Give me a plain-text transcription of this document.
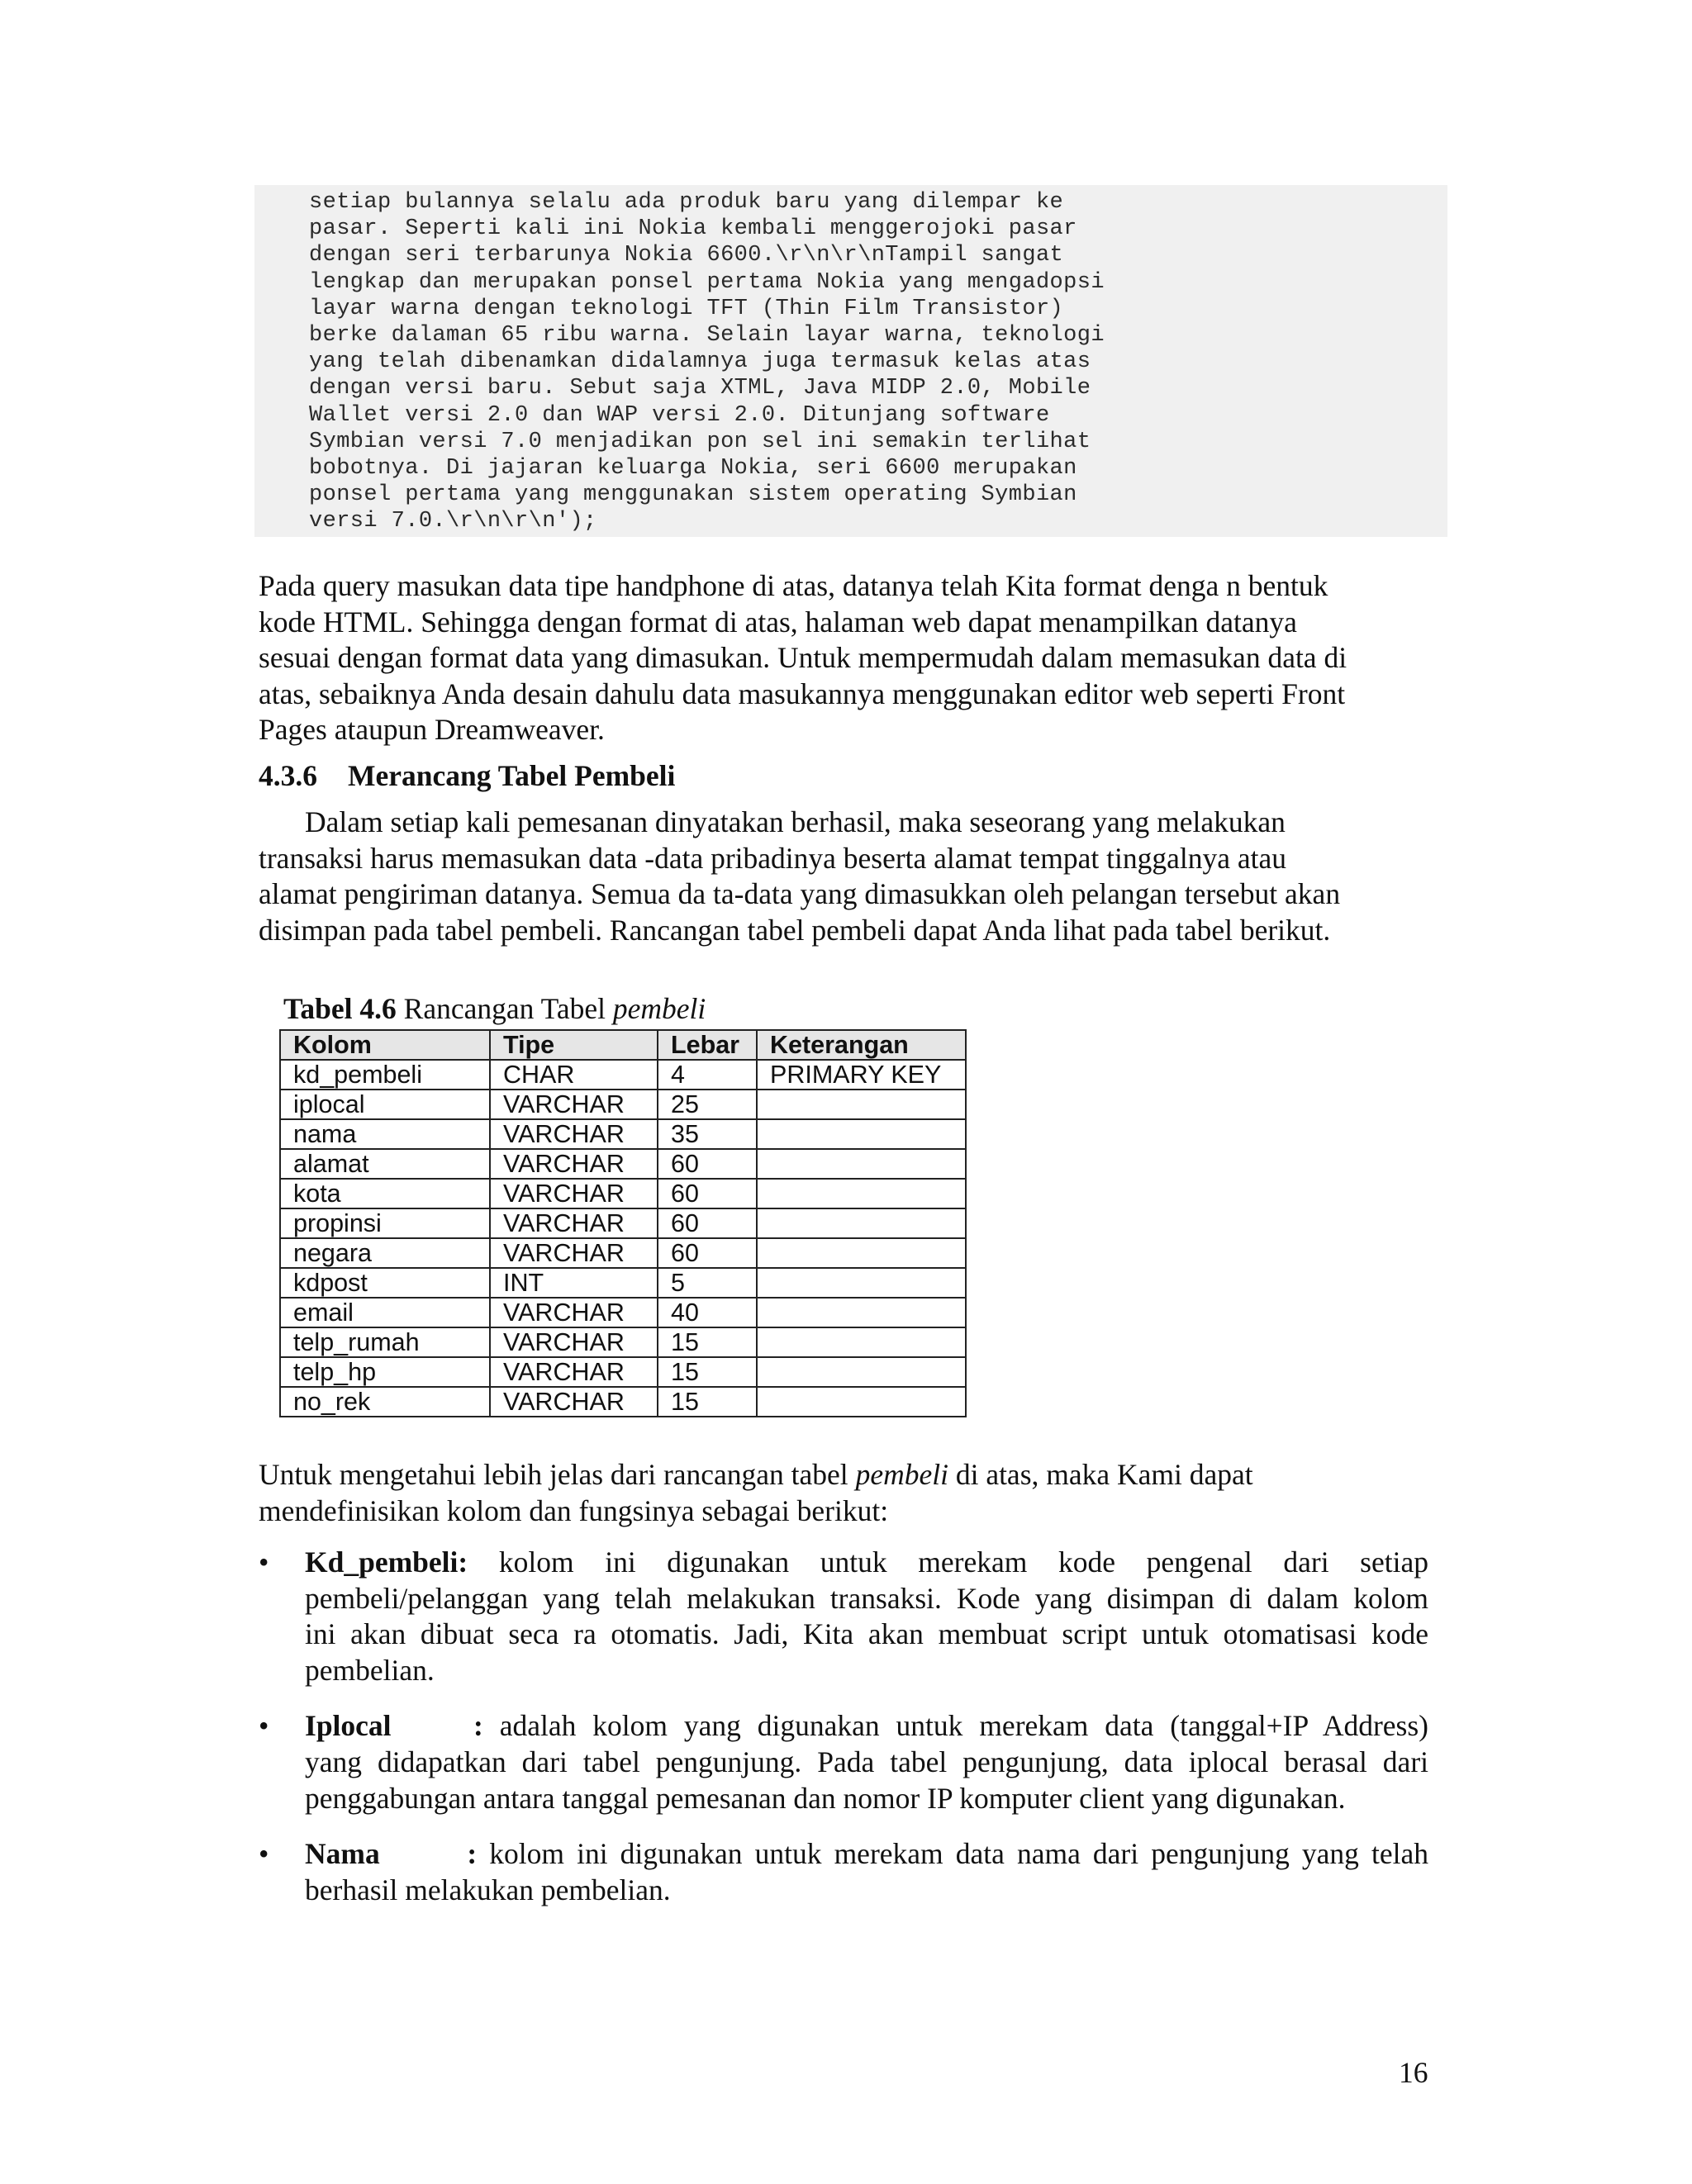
setiap bulannya selalu ada produk baru yang dilempar ke
pasar. Seperti kali ini Nokia kembali menggerojoki pasar
dengan seri terbarunya Nokia 6600.\r\n\r\nTampil sangat
lengkap dan merupakan ponsel pertama Nokia yang mengadopsi
layar warna dengan teknologi TFT (Thin Film Transistor)
berke dalaman 65 ribu warna. Selain layar warna, teknologi
yang telah dibenamkan didalamnya juga termasuk kelas atas
dengan versi baru. Sebut saja XTML, Java MIDP 2.0, Mobile
Wallet versi 2.0 dan WAP versi 2.0. Ditunjang software
Symbian versi 7.0 menjadikan pon sel ini semakin terlihat
bobotnya. Di jajaran keluarga Nokia, seri 6600 merupakan
ponsel pertama yang menggunakan sistem operating Symbian
versi 7.0.\r\n\r\n');
Pada query masukan data tipe handphone di atas, datanya telah Kita format denga n bentuk
kode HTML. Sehingga dengan format di atas, halaman web dapat menampilkan datanya
sesuai dengan format data yang dimasukan. Untuk mempermudah dalam memasukan data di
atas, sebaiknya Anda desain dahulu data masukannya menggunakan editor web seperti Front
Pages ataupun Dreamweaver.
4.3.6 Merancang Tabel Pembeli
Dalam setiap kali pemesanan dinyatakan berhasil, maka seseorang yang melakukan
transaksi harus memasukan data -data pribadinya beserta alamat tempat tinggalnya atau
alamat pengiriman datanya. Semua da ta-data yang dimasukkan oleh pelangan tersebut akan
disimpan pada tabel pembeli. Rancangan tabel pembeli dapat Anda lihat pada tabel berikut.
Tabel 4.6 Rancangan Tabel pembeli
Kolom	Tipe	Lebar	Keterangan
kd_pembeli	CHAR	4	PRIMARY KEY
iplocal	VARCHAR	25	
nama	VARCHAR	35	
alamat	VARCHAR	60	
kota	VARCHAR	60	
propinsi	VARCHAR	60	
negara	VARCHAR	60	
kdpost	INT	5	
email	VARCHAR	40	
telp_rumah	VARCHAR	15	
telp_hp	VARCHAR	15	
no_rek	VARCHAR	15	
Untuk mengetahui lebih jelas dari rancangan tabel pembeli di atas, maka Kami dapat
mendefinisikan kolom dan fungsinya sebagai berikut:
• Kd_pembeli: kolom ini digunakan untuk merekam kode pengenal dari setiap
pembeli/pelanggan yang telah melakukan transaksi. Kode yang disimpan di dalam kolom
ini akan dibuat seca ra otomatis. Jadi, Kita akan membuat script untuk otomatisasi kode
pembelian.
• Iplocal     : adalah kolom yang digunakan untuk merekam data (tanggal+IP Address)
yang didapatkan dari tabel pengunjung. Pada tabel pengunjung, data iplocal berasal dari
penggabungan antara tanggal pemesanan dan nomor IP komputer client yang digunakan.
• Nama       : kolom ini digunakan untuk merekam data nama dari pengunjung yang telah
berhasil melakukan pembelian.
16
